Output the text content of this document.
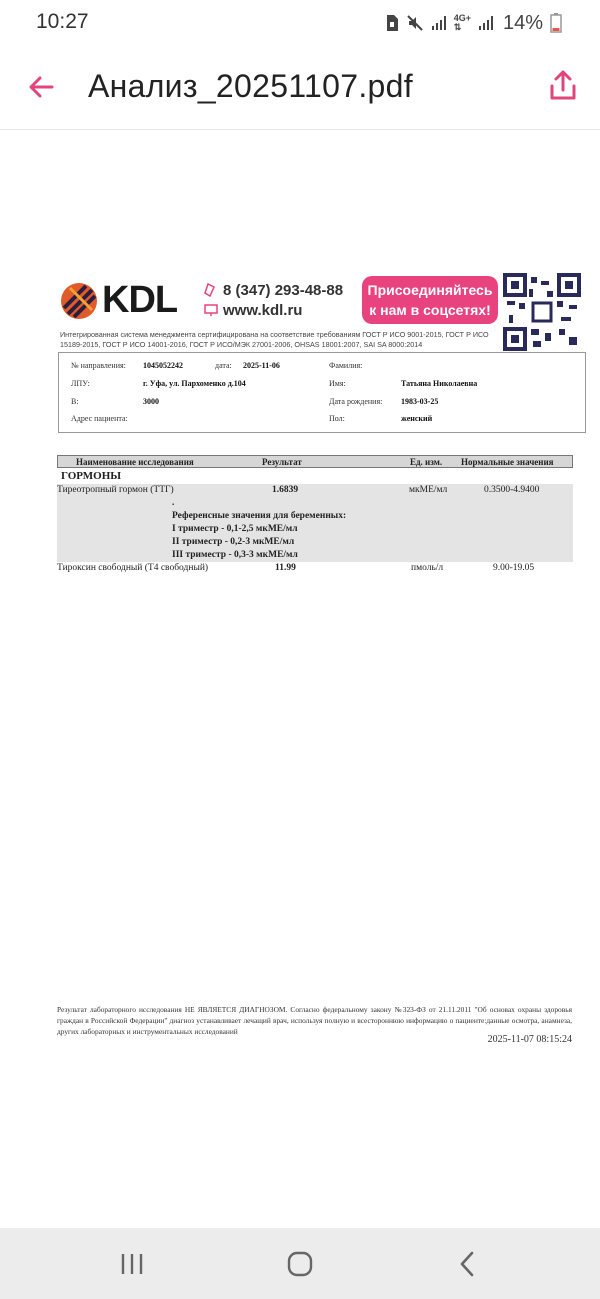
10:27	4G+
⇅	14%
Анализ_20251107.pdf
KDL	8 (347) 293-48-88
www.kdl.ru
Присоединяйтесь
к нам в соцсетях!
Интегрированная система менеджмента сертифицирована на соответствие требованиям ГОСТ Р ИСО 9001-2015, ГОСТ Р ИСО 15189-2015, ГОСТ Р ИСО 14001-2016, ГОСТ Р ИСО/МЭК 27001-2006, OHSAS 18001:2007, SAI SA 8000:2014
№ направления: 1045052242	дата: 2025-11-06	Фамилия:
ЛПУ:	г. Уфа, ул. Пархоменко д.104	Имя:	Татьяна Николаевна
В:	3000	Дата рождения: 1983-03-25
Адрес пациента:	Пол:	женский
Наименование исследования	Результат	Ед. изм. Нормальные значения
ГОРМОНЫ
Тиреотропный гормон (ТТГ)	1.6839	мкМЕ/мл	0.3500-4.9400
.
Референсные значения для беременных:
I триместр - 0,1-2,5 мкМЕ/мл
II триместр - 0,2-3 мкМЕ/мл
III триместр - 0,3-3 мкМЕ/мл
Тироксин свободный (Т4 свободный)	11.99	пмоль/л	9.00-19.05
Результат лабораторного исследования НЕ ЯВЛЯЕТСЯ ДИАГНОЗОМ. Согласно федеральному закону №323-ФЗ от 21.11.2011 "Об основах охраны здоровья граждан в Российской Федерации" диагноз устанавливает лечащий врач, используя полную и всестороннюю информацию о пациенте:данные осмотра, анамнеза, других лабораторных и инструментальных исследований
2025-11-07 08:15:24
